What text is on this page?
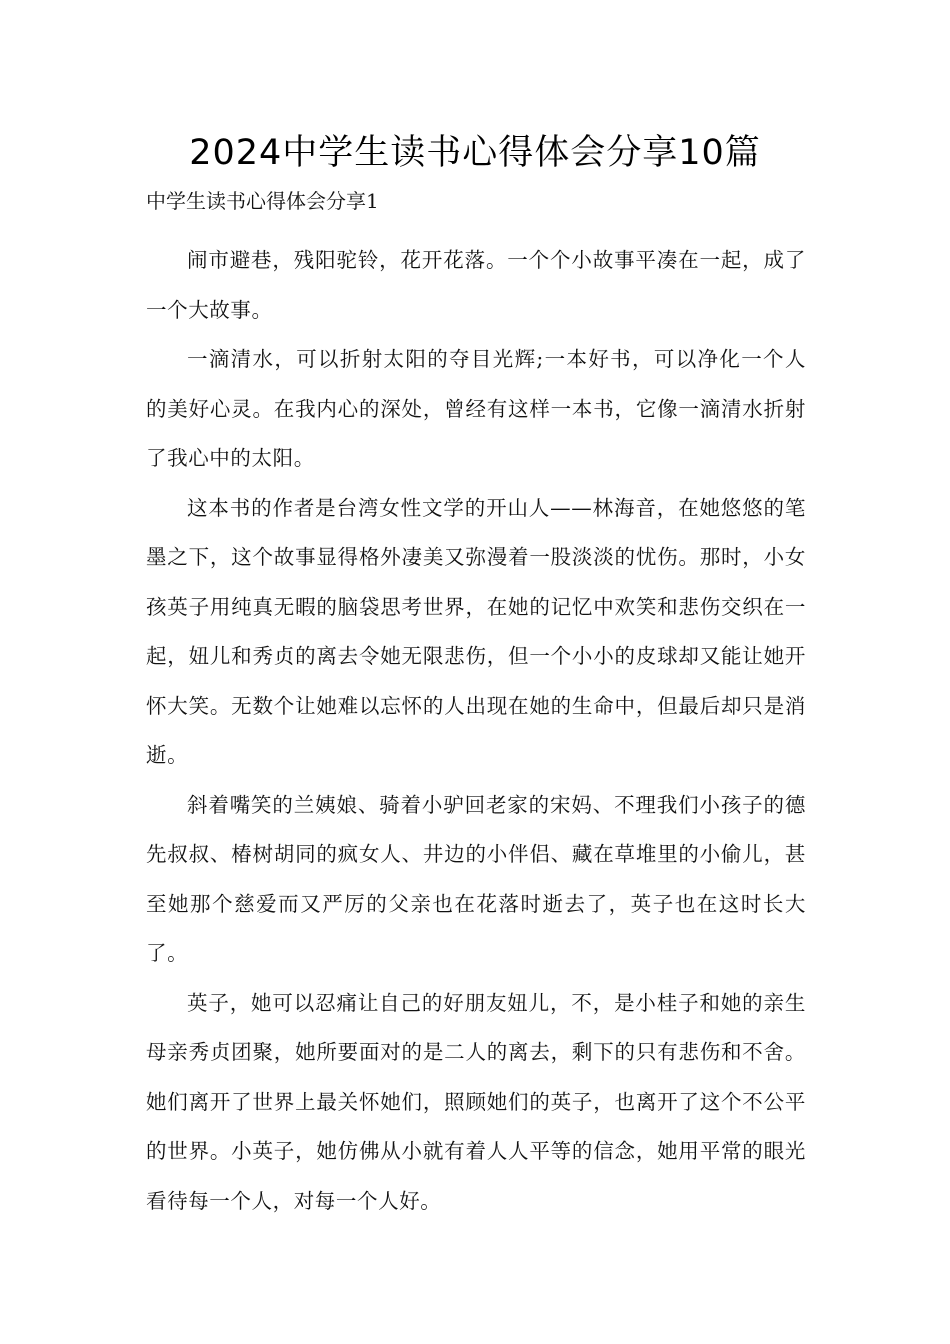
2024中学生读书心得体会分享10篇
中学生读书心得体会分享1

闹市避巷，残阳驼铃，花开花落。一个个小故事平凑在一起，成了一个大故事。

一滴清水，可以折射太阳的夺目光辉;一本好书，可以净化一个人的美好心灵。在我内心的深处，曾经有这样一本书，它像一滴清水折射了我心中的太阳。

这本书的作者是台湾女性文学的开山人——林海音，在她悠悠的笔墨之下，这个故事显得格外凄美又弥漫着一股淡淡的忧伤。那时，小女孩英子用纯真无暇的脑袋思考世界，在她的记忆中欢笑和悲伤交织在一起，妞儿和秀贞的离去令她无限悲伤，但一个小小的皮球却又能让她开怀大笑。无数个让她难以忘怀的人出现在她的生命中，但最后却只是消逝。

斜着嘴笑的兰姨娘、骑着小驴回老家的宋妈、不理我们小孩子的德先叔叔、椿树胡同的疯女人、井边的小伴侣、藏在草堆里的小偷儿，甚至她那个慈爱而又严厉的父亲也在花落时逝去了，英子也在这时长大了。

英子，她可以忍痛让自己的好朋友妞儿，不，是小桂子和她的亲生母亲秀贞团聚，她所要面对的是二人的离去，剩下的只有悲伤和不舍。她们离开了世界上最关怀她们，照顾她们的英子，也离开了这个不公平的世界。小英子，她仿佛从小就有着人人平等的信念，她用平常的眼光看待每一个人，对每一个人好。
